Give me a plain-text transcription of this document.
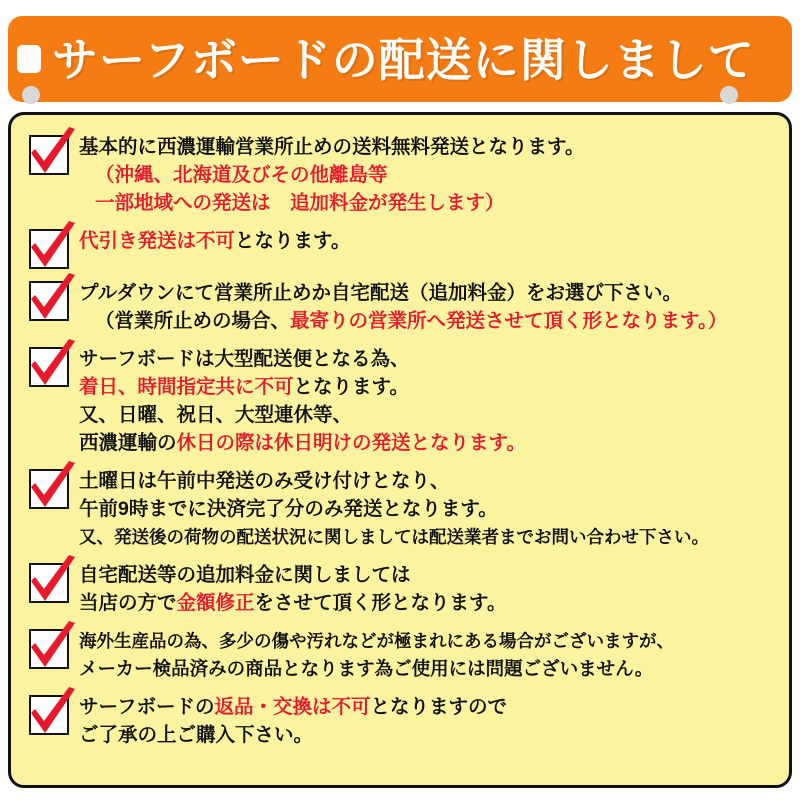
サーフボードの配送に関しまして
基本的に西濃運輸営業所止めの送料無料発送となります。
（沖縄、北海道及びその他離島等
一部地域への発送は　追加料金が発生します）
代引き発送は不可となります。
プルダウンにて営業所止めか自宅配送（追加料金）をお選び下さい。
（営業所止めの場合、最寄りの営業所へ発送させて頂く形となります。）
サーフボードは大型配送便となる為、
着日、時間指定共に不可となります。
又、日曜、祝日、大型連休等、
西濃運輸の休日の際は休日明けの発送となります。
土曜日は午前中発送のみ受け付けとなり、
午前9時までに決済完了分のみ発送となります。
又、発送後の荷物の配送状況に関しましては配送業者までお問い合わせ下さい。
自宅配送等の追加料金に関しましては
当店の方で金額修正をさせて頂く形となります。
海外生産品の為、多少の傷や汚れなどが極まれにある場合がございますが、
メーカー検品済みの商品となります為ご使用には問題ございません。
サーフボードの返品・交換は不可となりますので
ご了承の上ご購入下さい。
